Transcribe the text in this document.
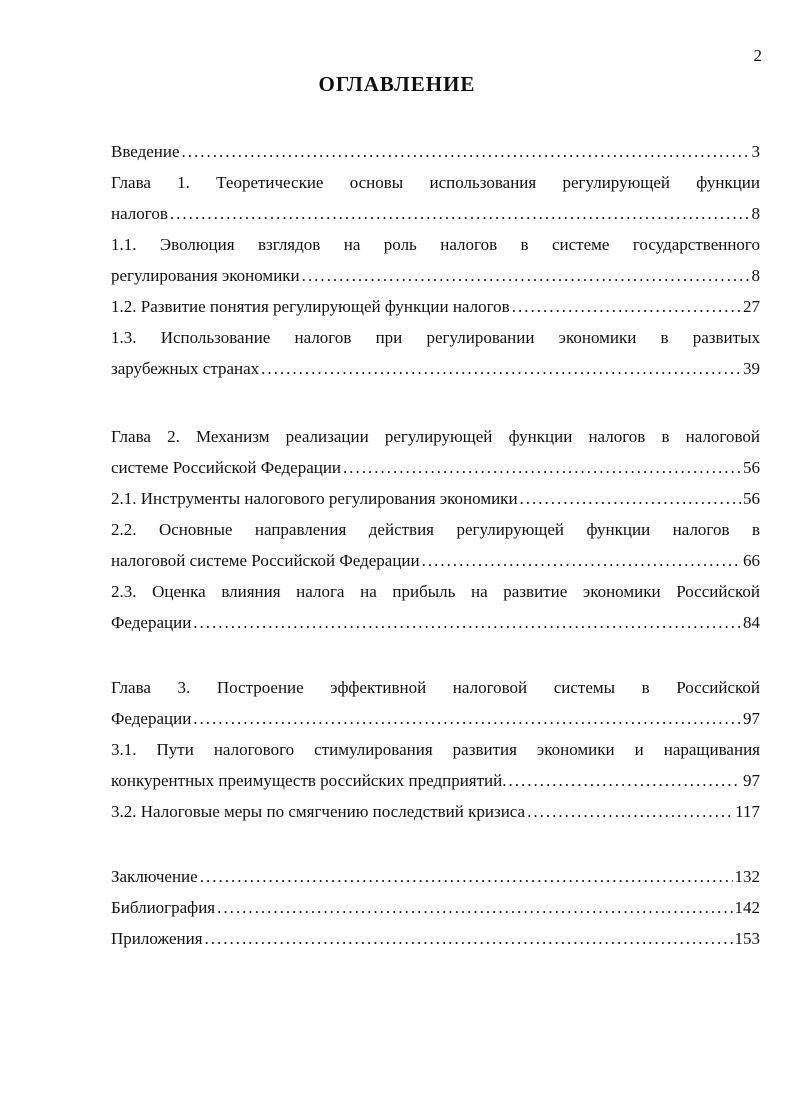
2
ОГЛАВЛЕНИЕ
Введение .....	3
Глава 1. Теоретические основы использования регулирующей функции
налогов .....	8
1.1. Эволюция взглядов на роль налогов в системе государственного
регулирования экономики .....	8
1.2. Развитие понятия регулирующей функции налогов .....	27
1.3. Использование налогов при регулировании экономики в развитых
зарубежных странах .....	39
Глава 2. Механизм реализации регулирующей функции налогов в налоговой
системе Российской Федерации .....	56
2.1. Инструменты налогового регулирования экономики .....	56
2.2. Основные направления действия регулирующей функции налогов в
налоговой системе Российской Федерации .....	66
2.3. Оценка влияния налога на прибыль на развитие экономики Российской
Федерации .....	84
Глава 3. Построение эффективной налоговой системы в Российской
Федерации .....	97
3.1. Пути налогового стимулирования развития экономики и наращивания
конкурентных преимуществ российских предприятий. .....	97
3.2. Налоговые меры по смягчению последствий кризиса .....	117
Заключение .....	132
Библиография .....	142
Приложения .....	153
